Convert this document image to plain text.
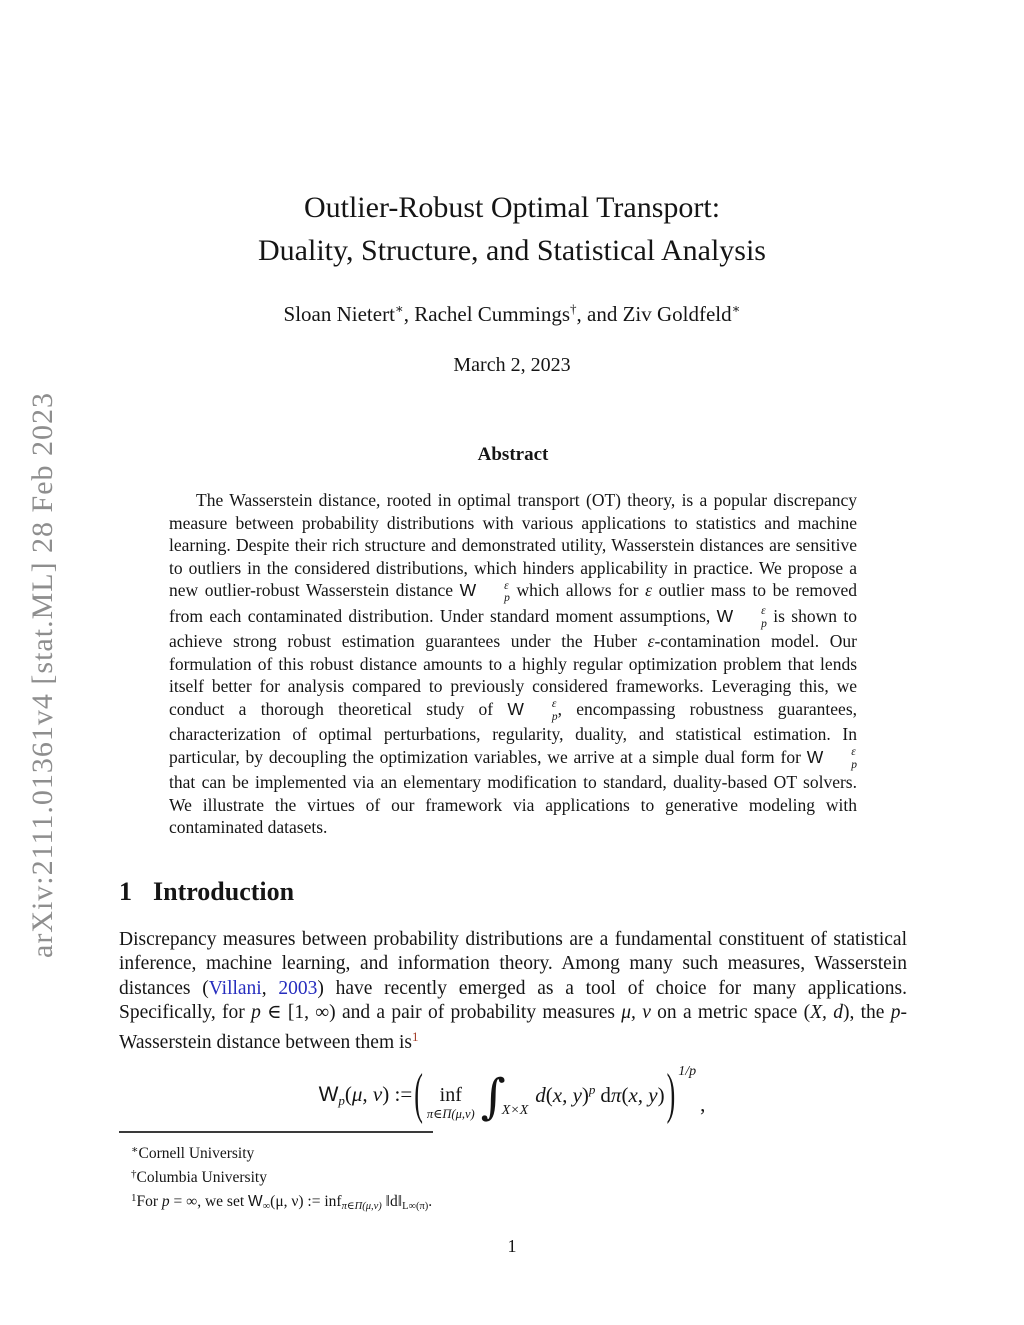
arXiv:2111.01361v4 [stat.ML] 28 Feb 2023
Outlier-Robust Optimal Transport:
Duality, Structure, and Statistical Analysis
Sloan Nietert∗, Rachel Cummings†, and Ziv Goldfeld∗
March 2, 2023
Abstract
The Wasserstein distance, rooted in optimal transport (OT) theory, is a popular discrepancy measure between probability distributions with various applications to statistics and machine learning. Despite their rich structure and demonstrated utility, Wasserstein distances are sensitive to outliers in the considered distributions, which hinders applicability in practice. We propose a new outlier-robust Wasserstein distance W	ε
p which allows for ε outlier mass to be removed from each contaminated distribution. Under standard moment assumptions, W	ε
p is shown to achieve strong robust estimation guarantees under the Huber ε-contamination model. Our formulation of this robust distance amounts to a highly regular optimization problem that lends itself better for analysis compared to previously considered frameworks. Leveraging this, we conduct a thorough theoretical study of W	ε
p , encompassing robustness guarantees, characterization of optimal perturbations, regularity, duality, and statistical estimation. In particular, by decoupling the optimization variables, we arrive at a simple dual form for W	ε
p
that can be implemented via an elementary modification to standard, duality-based OT solvers. We illustrate the virtues of our framework via applications to generative modeling with contaminated datasets.
1 Introduction
Discrepancy measures between probability distributions are a fundamental constituent of statistical inference, machine learning, and information theory. Among many such measures, Wasserstein distances (Villani, 2003) have recently emerged as a tool of choice for many applications. Specifically, for p ∈ [1, ∞) and a pair of probability measures μ, ν on a metric space (X, d), the p-Wasserstein distance between them is$^1$
Wp(μ, ν) := ( inf
π∈Π(μ,ν) ∫
X×X
d(x, y)$^p$ dπ(x, y) ) 1/p
,
∗Cornell University
†Columbia University
$^1$For p = ∞, we set W∞(μ, ν) := infπ∈Π(μ,ν) ‖d‖L∞(π).
1
